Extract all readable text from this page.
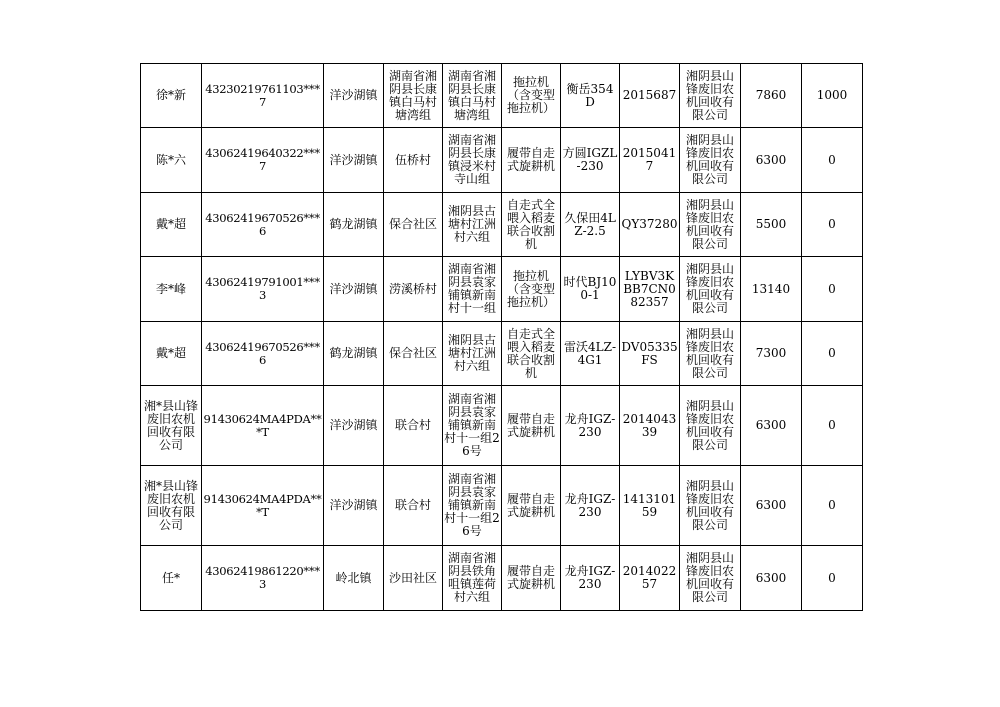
徐*新	43230219761103***7	洋沙湖镇	湖南省湘阴县长康镇白马村塘湾组	湖南省湘阴县长康镇白马村塘湾组	拖拉机（含变型拖拉机）	衡岳354D	2015687	湘阴县山锋废旧农机回收有限公司	7860	1000
陈*六	43062419640322***7	洋沙湖镇	伍桥村	湖南省湘阴县长康镇浸米村寺山组	履带自走式旋耕机	方圆IGZL-230	20150417	湘阴县山锋废旧农机回收有限公司	6300	0
戴*超	43062419670526***6	鹤龙湖镇	保合社区	湘阴县古塘村江洲村六组	自走式全喂入稻麦联合收割机	久保田4LZ-2.5	QY37280	湘阴县山锋废旧农机回收有限公司	5500	0
李*峰	43062419791001***3	洋沙湖镇	涝溪桥村	湖南省湘阴县袁家铺镇新南村十一组	拖拉机（含变型拖拉机）	时代BJ100-1	LYBV3KBB7CN082357	湘阴县山锋废旧农机回收有限公司	13140	0
戴*超	43062419670526***6	鹤龙湖镇	保合社区	湘阴县古塘村江洲村六组	自走式全喂入稻麦联合收割机	雷沃4LZ-4G1	DV05335FS	湘阴县山锋废旧农机回收有限公司	7300	0
湘*县山锋废旧农机回收有限公司	91430624MA4PDA***T	洋沙湖镇	联合村	湖南省湘阴县袁家铺镇新南村十一组26号	履带自走式旋耕机	龙舟IGZ-230	201404339	湘阴县山锋废旧农机回收有限公司	6300	0
湘*县山锋废旧农机回收有限公司	91430624MA4PDA***T	洋沙湖镇	联合村	湖南省湘阴县袁家铺镇新南村十一组26号	履带自走式旋耕机	龙舟IGZ-230	141310159	湘阴县山锋废旧农机回收有限公司	6300	0
任*	43062419861220***3	岭北镇	沙田社区	湖南省湘阴县铁角咀镇莲荷村六组	履带自走式旋耕机	龙舟IGZ-230	201402257	湘阴县山锋废旧农机回收有限公司	6300	0
